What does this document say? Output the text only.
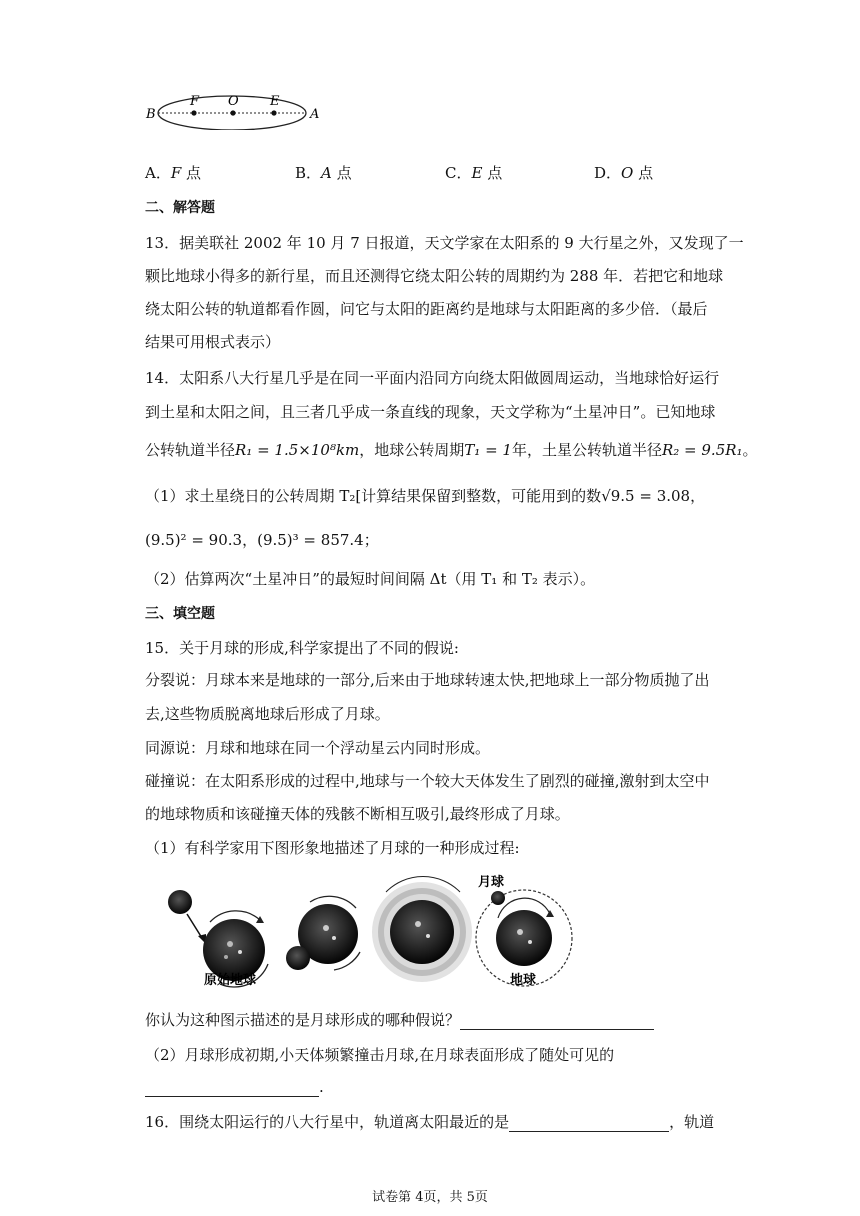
F O E
B	A
A．F 点	B．A 点	C．E 点	D．O 点
二、解答题
13．据美联社 2002 年 10 月 7 日报道，天文学家在太阳系的 9 大行星之外，又发现了一
颗比地球小得多的新行星，而且还测得它绕太阳公转的周期约为 288 年．若把它和地球
绕太阳公转的轨道都看作圆，问它与太阳的距离约是地球与太阳距离的多少倍．（最后
结果可用根式表示）
14．太阳系八大行星几乎是在同一平面内沿同方向绕太阳做圆周运动，当地球恰好运行
到土星和太阳之间，且三者几乎成一条直线的现象，天文学称为“土星冲日”。已知地球
公转轨道半径R₁ = 1.5×10⁸km，地球公转周期T₁ = 1年，土星公转轨道半径R₂ = 9.5R₁。
（1）求土星绕日的公转周期 T₂[计算结果保留到整数，可能用到的数√9.5 = 3.08，
(9.5)² = 90.3，(9.5)³ = 857.4；
（2）估算两次“土星冲日”的最短时间间隔 Δt（用 T₁ 和 T₂ 表示）。
三、填空题
15．关于月球的形成,科学家提出了不同的假说:
分裂说：月球本来是地球的一部分,后来由于地球转速太快,把地球上一部分物质抛了出
去,这些物质脱离地球后形成了月球。
同源说：月球和地球在同一个浮动星云内同时形成。
碰撞说：在太阳系形成的过程中,地球与一个较大天体发生了剧烈的碰撞,激射到太空中
的地球物质和该碰撞天体的残骸不断相互吸引,最终形成了月球。
（1）有科学家用下图形象地描述了月球的一种形成过程:
原始地球
月球
地球
你认为这种图示描述的是月球形成的哪种假说？
（2）月球形成初期,小天体频繁撞击月球,在月球表面形成了随处可见的
.
16．围绕太阳运行的八大行星中，轨道离太阳最近的是	，轨道
试卷第 4页，共 5页
